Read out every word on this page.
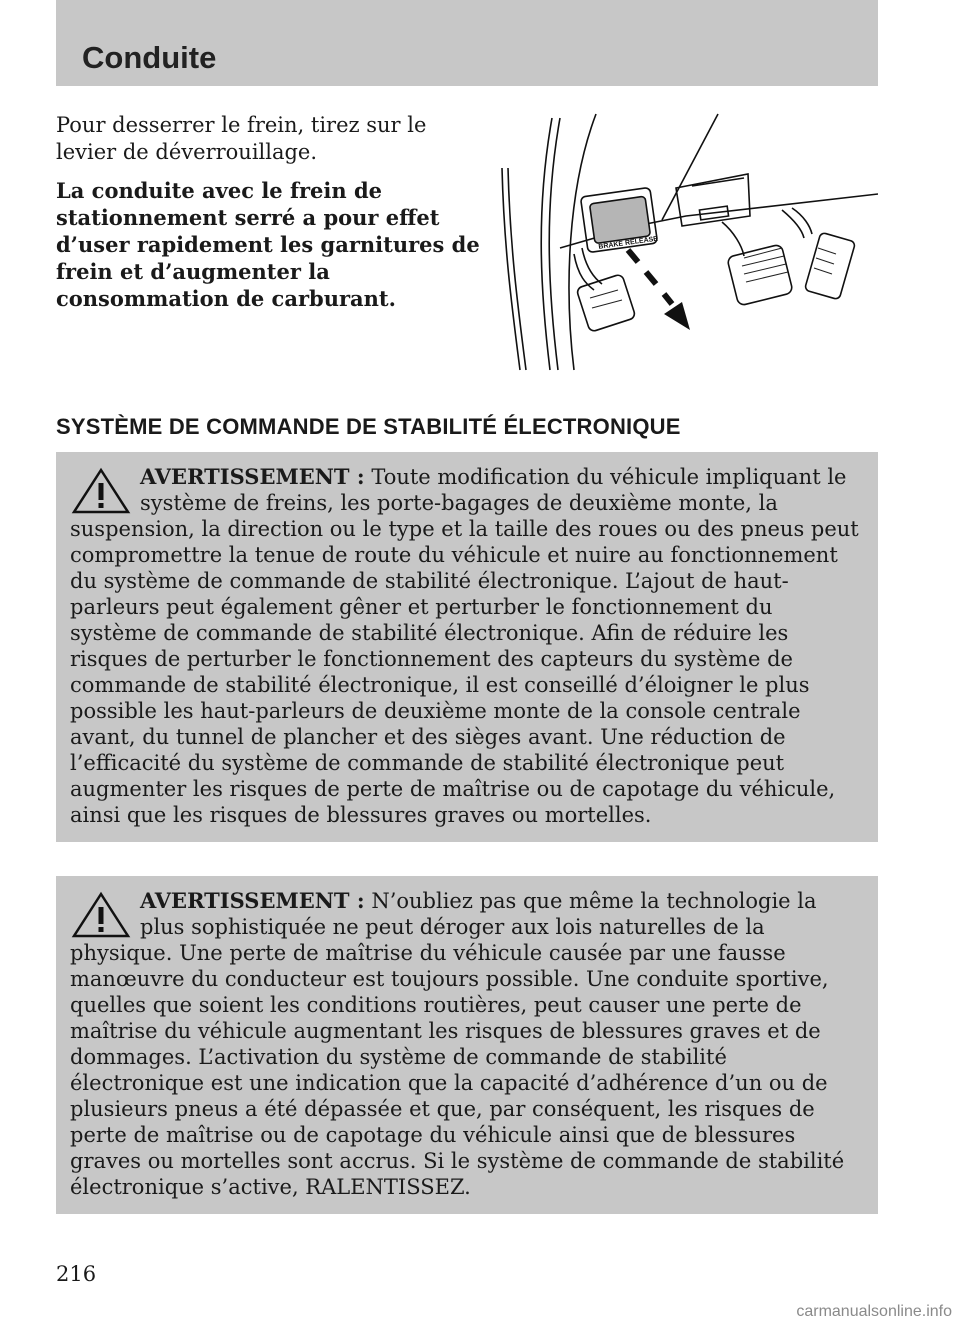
Conduite

Pour desserrer le frein, tirez sur le levier de déverrouillage.

La conduite avec le frein de stationnement serré a pour effet d’user rapidement les garnitures de frein et d’augmenter la consommation de carburant.

BRAKE RELEASE
SYSTÈME DE COMMANDE DE STABILITÉ ÉLECTRONIQUE

AVERTISSEMENT : Toute modification du véhicule impliquant le système de freins, les porte-bagages de deuxième monte, la suspension, la direction ou le type et la taille des roues ou des pneus peut compromettre la tenue de route du véhicule et nuire au fonctionnement du système de commande de stabilité électronique. L’ajout de haut-parleurs peut également gêner et perturber le fonctionnement du système de commande de stabilité électronique. Afin de réduire les risques de perturber le fonctionnement des capteurs du système de commande de stabilité électronique, il est conseillé d’éloigner le plus possible les haut-parleurs de deuxième monte de la console centrale avant, du tunnel de plancher et des sièges avant. Une réduction de l’efficacité du système de commande de stabilité électronique peut augmenter les risques de perte de maîtrise ou de capotage du véhicule, ainsi que les risques de blessures graves ou mortelles.

AVERTISSEMENT : N’oubliez pas que même la technologie la plus sophistiquée ne peut déroger aux lois naturelles de la physique. Une perte de maîtrise du véhicule causée par une fausse manœuvre du conducteur est toujours possible. Une conduite sportive, quelles que soient les conditions routières, peut causer une perte de maîtrise du véhicule augmentant les risques de blessures graves et de dommages. L’activation du système de commande de stabilité électronique est une indication que la capacité d’adhérence d’un ou de plusieurs pneus a été dépassée et que, par conséquent, les risques de perte de maîtrise ou de capotage du véhicule ainsi que de blessures graves ou mortelles sont accrus. Si le système de commande de stabilité électronique s’active, RALENTISSEZ.

216
carmanualsonline.info
